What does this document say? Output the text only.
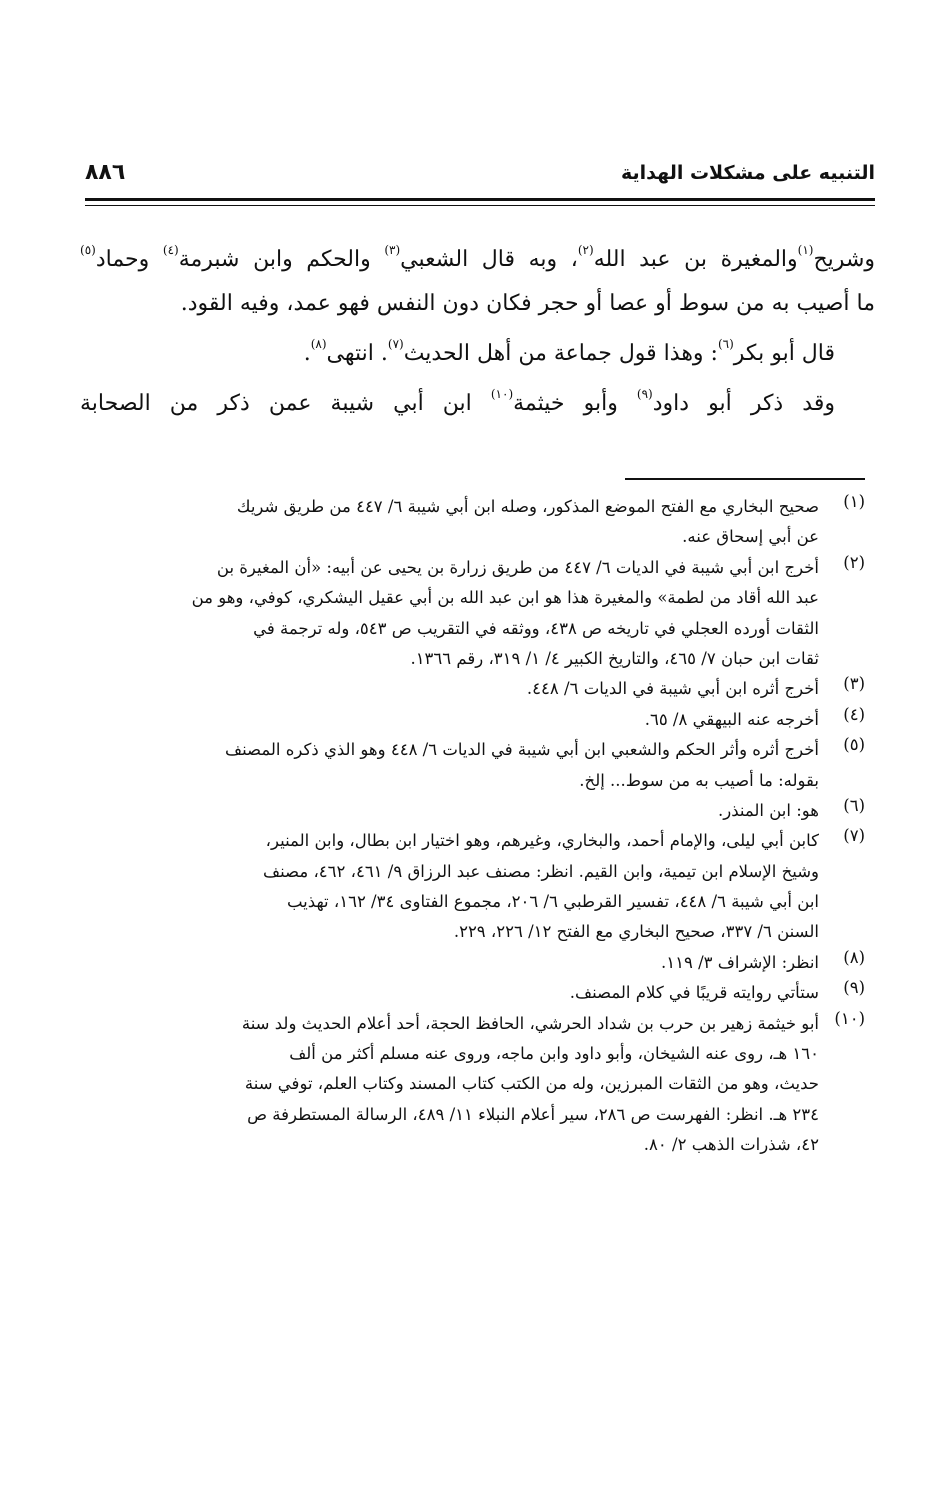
التنبيه على مشكلات الهداية
٨٨٦

وشريح$^{(١)}$والمغيرة بن عبد الله$^{(٢)}$، وبه قال الشعبي$^{(٣)}$ والحكم وابن شبرمة$^{(٤)}$ وحماد$^{(٥)}$
ما أصيب به من سوط أو عصا أو حجر فكان دون النفس فهو عمد، وفيه القود.

قال أبو بكر$^{(٦)}$: وهذا قول جماعة من أهل الحديث$^{(٧)}$. انتهى$^{(٨)}$.

وقد ذكر أبو داود$^{(٩)}$ وأبو خيثمة$^{(١٠)}$ ابن أبي شيبة عمن ذكر من الصحابة

(١)
صحيح البخاري مع الفتح الموضع المذكور، وصله ابن أبي شيبة ٦/ ٤٤٧ من طريق شريك
عن أبي إسحاق عنه.
(٢)
أخرج ابن أبي شيبة في الديات ٦/ ٤٤٧ من طريق زرارة بن يحيى عن أبيه: «أن المغيرة بن
عبد الله أقاد من لطمة» والمغيرة هذا هو ابن عبد الله بن أبي عقيل اليشكري، كوفي، وهو من
الثقات أورده العجلي في تاريخه ص ٤٣٨، ووثقه في التقريب ص ٥٤٣، وله ترجمة في
ثقات ابن حبان ٧/ ٤٦٥، والتاريخ الكبير ٤/ ١/ ٣١٩، رقم ١٣٦٦.
(٣)
أخرج أثره ابن أبي شيبة في الديات ٦/ ٤٤٨.
(٤)
أخرجه عنه البيهقي ٨/ ٦٥.
(٥)
أخرج أثره وأثر الحكم والشعبي ابن أبي شيبة في الديات ٦/ ٤٤٨ وهو الذي ذكره المصنف
بقوله: ما أصيب به من سوط... إلخ.
(٦)
هو: ابن المنذر.
(٧)
كابن أبي ليلى، والإمام أحمد، والبخاري، وغيرهم، وهو اختيار ابن بطال، وابن المنير،
وشيخ الإسلام ابن تيمية، وابن القيم. انظر: مصنف عبد الرزاق ٩/ ٤٦١، ٤٦٢، مصنف
ابن أبي شيبة ٦/ ٤٤٨، تفسير القرطبي ٦/ ٢٠٦، مجموع الفتاوى ٣٤/ ١٦٢، تهذيب
السنن ٦/ ٣٣٧، صحيح البخاري مع الفتح ١٢/ ٢٢٦، ٢٢٩.
(٨)
انظر: الإشراف ٣/ ١١٩.
(٩)
ستأتي روايته قريبًا في كلام المصنف.
(١٠)
أبو خيثمة زهير بن حرب بن شداد الحرشي، الحافظ الحجة، أحد أعلام الحديث ولد سنة
١٦٠ هـ، روى عنه الشيخان، وأبو داود وابن ماجه، وروى عنه مسلم أكثر من ألف
حديث، وهو من الثقات المبرزين، وله من الكتب كتاب المسند وكتاب العلم، توفي سنة
٢٣٤ هـ. انظر: الفهرست ص ٢٨٦، سير أعلام النبلاء ١١/ ٤٨٩، الرسالة المستطرفة ص
٤٢، شذرات الذهب ٢/ ٨٠.
